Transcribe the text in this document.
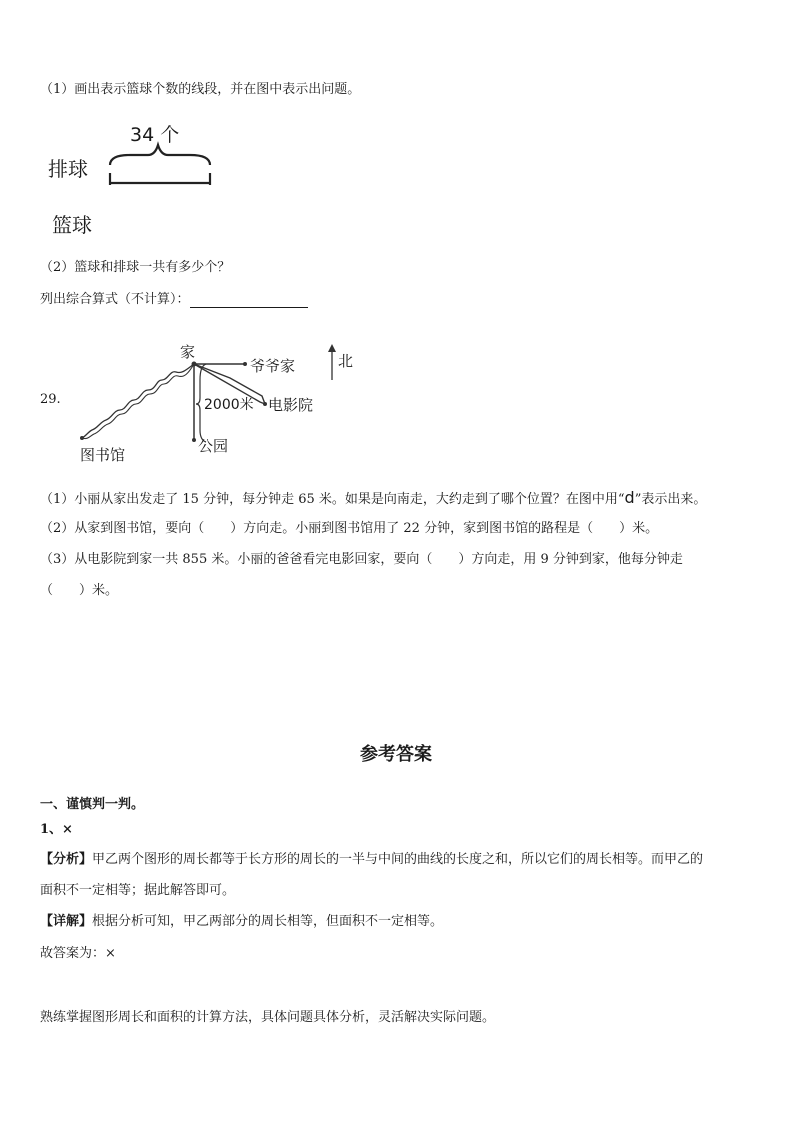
（1）画出表示篮球个数的线段，并在图中表示出问题。
34 个
排球
篮球
（2）篮球和排球一共有多少个？
列出综合算式（不计算）：
29.
家
爷爷家	北
电影院
2000米
图书馆	公园
（1）小丽从家出发走了 15 分钟，每分钟走 65 米。如果是向南走，大约走到了哪个位置？在图中用“d”表示出来。
（2）从家到图书馆，要向（　　）方向走。小丽到图书馆用了 22 分钟，家到图书馆的路程是（　　）米。
（3）从电影院到家一共 855 米。小丽的爸爸看完电影回家，要向（　　）方向走，用 9 分钟到家，他每分钟走
（　　）米。
参考答案
一、谨慎判一判。
1、×
【分析】甲乙两个图形的周长都等于长方形的周长的一半与中间的曲线的长度之和，所以它们的周长相等。而甲乙的
面积不一定相等；据此解答即可。
【详解】根据分析可知，甲乙两部分的周长相等，但面积不一定相等。
故答案为：×
熟练掌握图形周长和面积的计算方法，具体问题具体分析，灵活解决实际问题。
